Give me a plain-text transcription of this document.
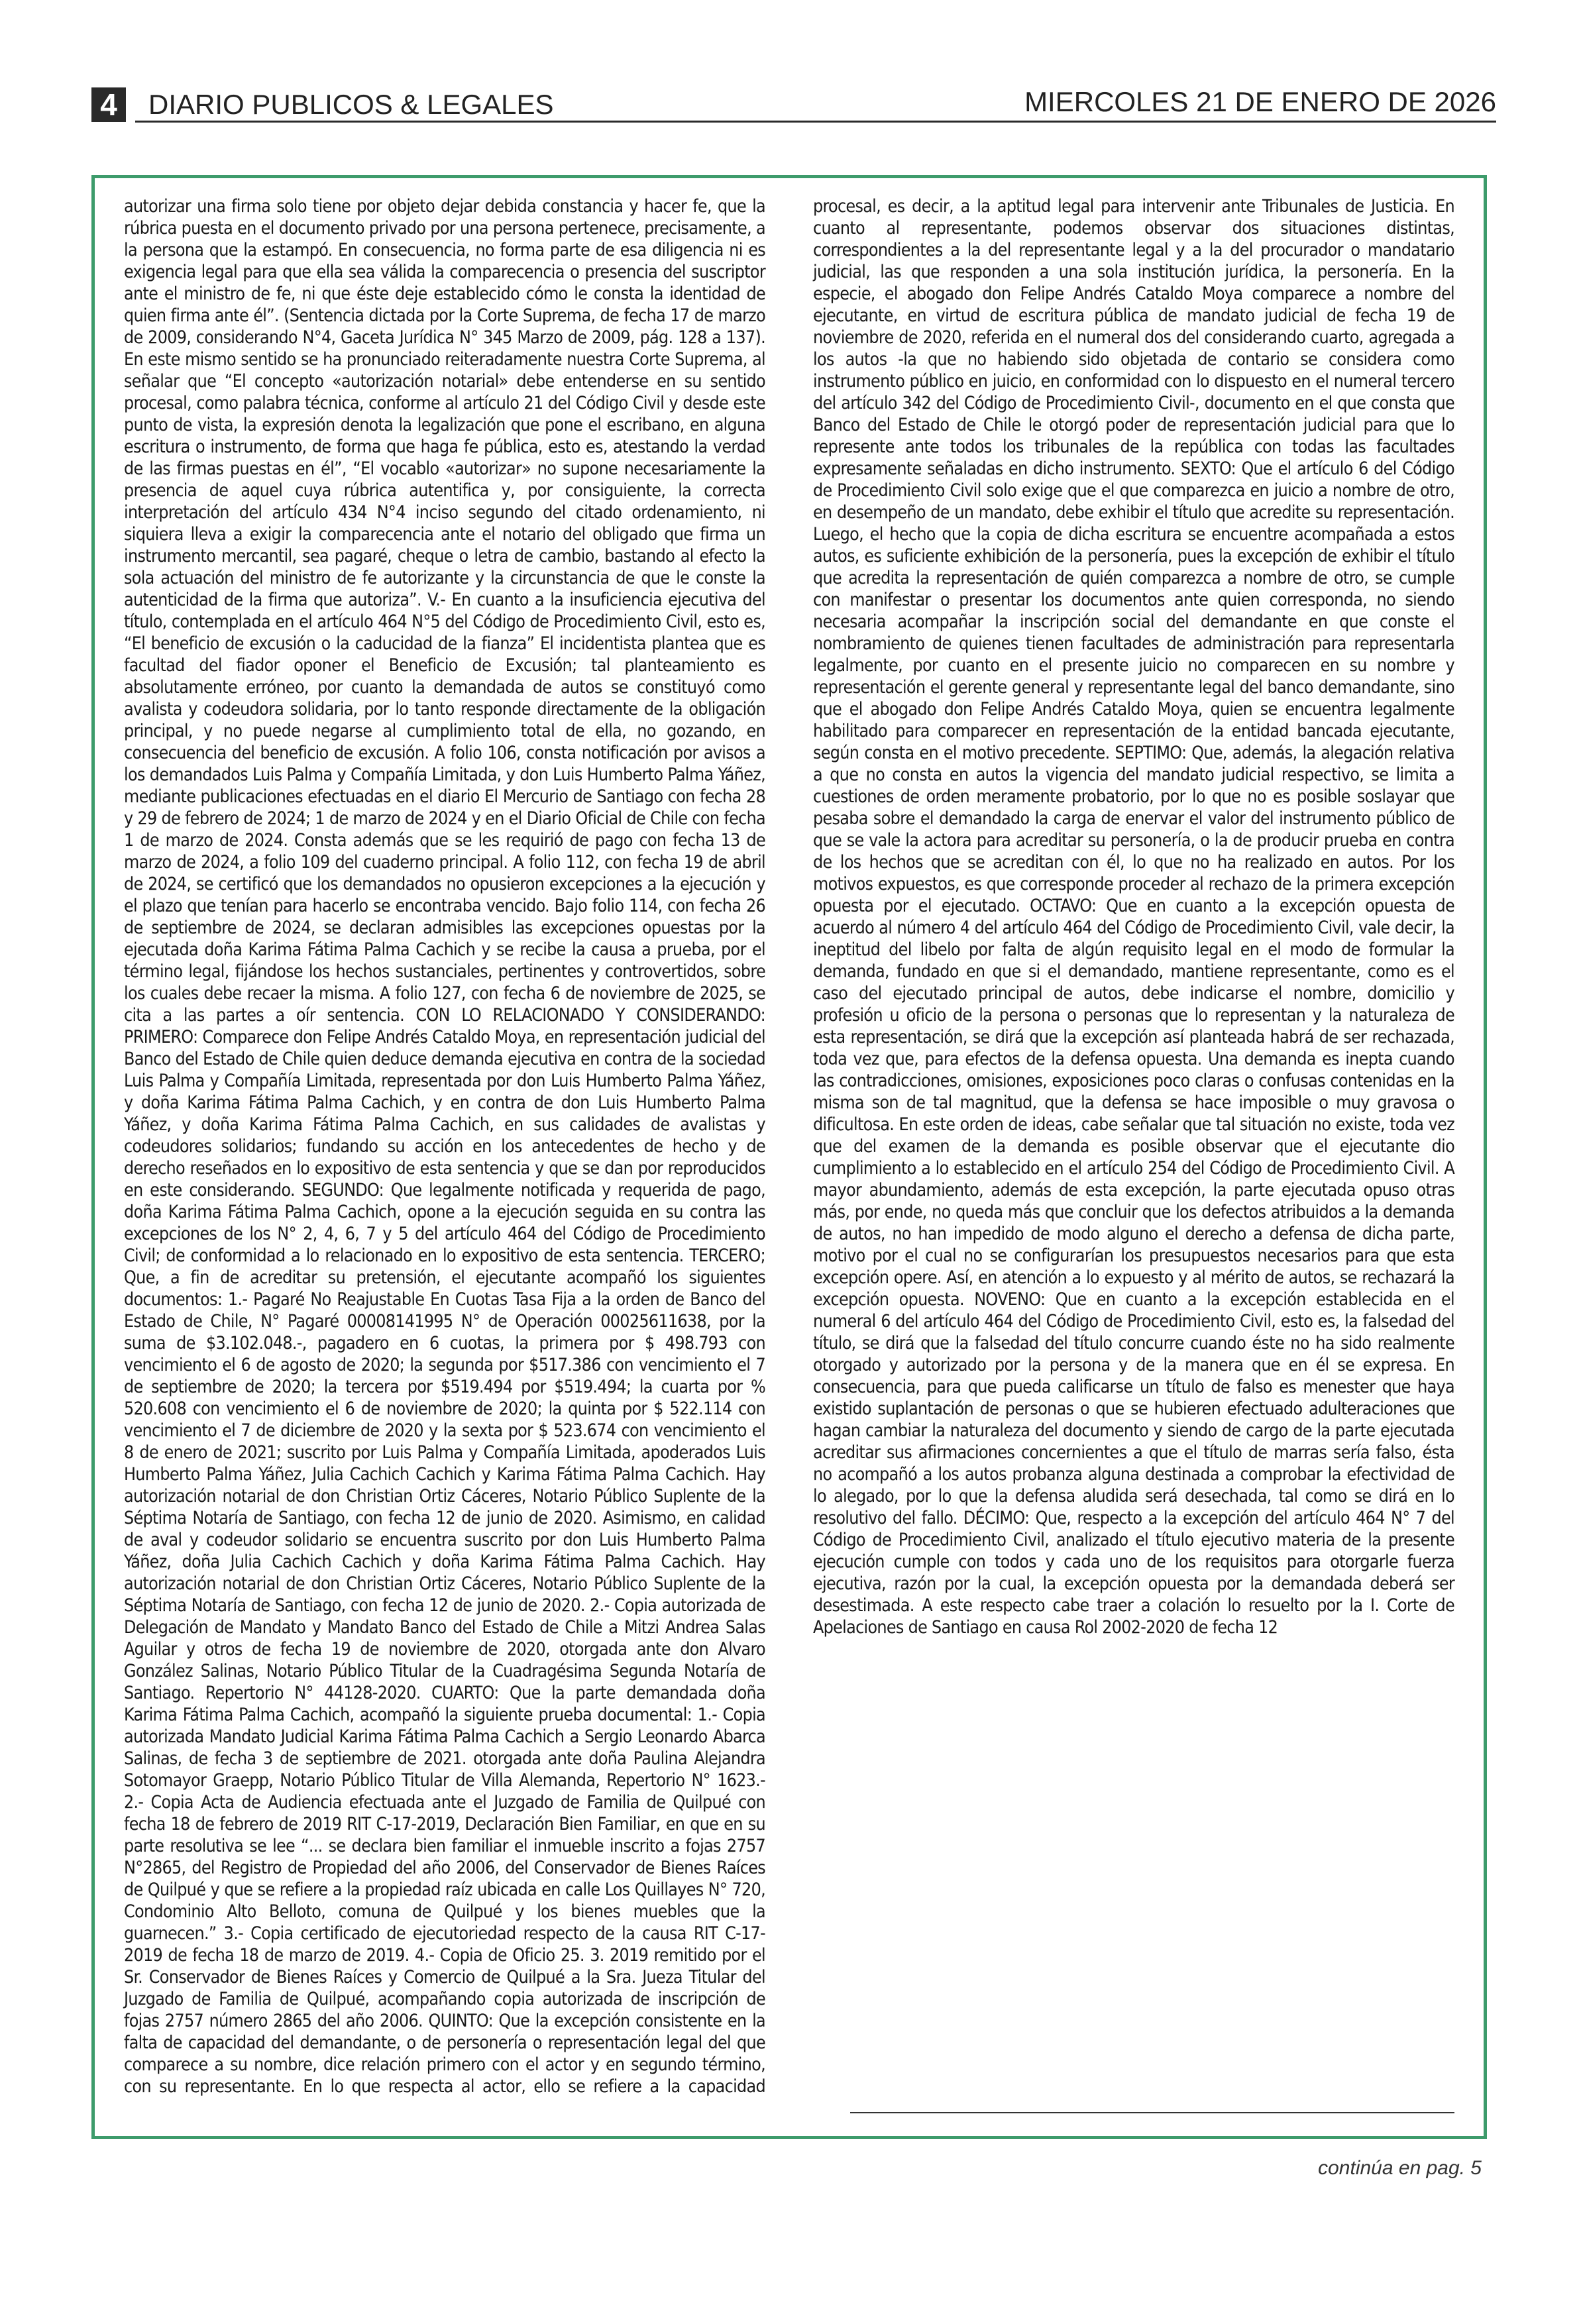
4	DIARIO PUBLICOS & LEGALES	MIERCOLES 21 DE ENERO DE 2026

autorizar una firma solo tiene por objeto dejar debida constancia y hacer fe, que la rúbrica puesta en el documento privado por una persona pertenece, precisamente, a la persona que la estampó. En consecuencia, no forma parte de esa diligencia ni es exigencia legal para que ella sea válida la comparecencia o presencia del suscriptor ante el ministro de fe, ni que éste deje establecido cómo le consta la identidad de quien firma ante él”. (Sentencia dictada por la Corte Suprema, de fecha 17 de marzo de 2009, considerando N°4, Gaceta Jurídica N° 345 Marzo de 2009, pág. 128 a 137). En este mismo sentido se ha pronunciado reiteradamente nuestra Corte Suprema, al señalar que “El concepto «autorización notarial» debe entenderse en su sentido procesal, como palabra técnica, conforme al artículo 21 del Código Civil y desde este punto de vista, la expresión denota la legalización que pone el escribano, en alguna escritura o instrumento, de forma que haga fe pública, esto es, atestando la verdad de las firmas puestas en él”, “El vocablo «autorizar» no supone necesariamente la presencia de aquel cuya rúbrica autentifica y, por consiguiente, la correcta interpretación del artículo 434 N°4 inciso segundo del citado ordenamiento, ni siquiera lleva a exigir la comparecencia ante el notario del obligado que firma un instrumento mercantil, sea pagaré, cheque o letra de cambio, bastando al efecto la sola actuación del ministro de fe autorizante y la circunstancia de que le conste la autenticidad de la firma que autoriza”. V.- En cuanto a la insuficiencia ejecutiva del título, contemplada en el artículo 464 N°5 del Código de Procedimiento Civil, esto es, “El beneficio de excusión o la caducidad de la fianza” El incidentista plantea que es facultad del fiador oponer el Beneficio de Excusión; tal planteamiento es absolutamente erróneo, por cuanto la demandada de autos se constituyó como avalista y codeudora solidaria, por lo tanto responde directamente de la obligación principal, y no puede negarse al cumplimiento total de ella, no gozando, en consecuencia del beneficio de excusión. A folio 106, consta notificación por avisos a los demandados Luis Palma y Compañía Limitada, y don Luis Humberto Palma Yáñez, mediante publicaciones efectuadas en el diario El Mercurio de Santiago con fecha 28 y 29 de febrero de 2024; 1 de marzo de 2024 y en el Diario Oficial de Chile con fecha 1 de marzo de 2024. Consta además que se les requirió de pago con fecha 13 de marzo de 2024, a folio 109 del cuaderno principal. A folio 112, con fecha 19 de abril de 2024, se certificó que los demandados no opusieron excepciones a la ejecución y el plazo que tenían para hacerlo se encontraba vencido. Bajo folio 114, con fecha 26 de septiembre de 2024, se declaran admisibles las excepciones opuestas por la ejecutada doña Karima Fátima Palma Cachich y se recibe la causa a prueba, por el término legal, fijándose los hechos sustanciales, pertinentes y controvertidos, sobre los cuales debe recaer la misma. A folio 127, con fecha 6 de noviembre de 2025, se cita a las partes a oír sentencia. CON LO RELACIONADO Y CONSIDERANDO: PRIMERO: Comparece don Felipe Andrés Cataldo Moya, en representación judicial del Banco del Estado de Chile quien deduce demanda ejecutiva en contra de la sociedad Luis Palma y Compañía Limitada, representada por don Luis Humberto Palma Yáñez, y doña Karima Fátima Palma Cachich, y en contra de don Luis Humberto Palma Yáñez, y doña Karima Fátima Palma Cachich, en sus calidades de avalistas y codeudores solidarios; fundando su acción en los antecedentes de hecho y de derecho reseñados en lo expositivo de esta sentencia y que se dan por reproducidos en este considerando. SEGUNDO: Que legalmente notificada y requerida de pago, doña Karima Fátima Palma Cachich, opone a la ejecución seguida en su contra las excepciones de los N° 2, 4, 6, 7 y 5 del artículo 464 del Código de Procedimiento Civil; de conformidad a lo relacionado en lo expositivo de esta sentencia. TERCERO; Que, a fin de acreditar su pretensión, el ejecutante acompañó los siguientes documentos: 1.- Pagaré No Reajustable En Cuotas Tasa Fija a la orden de Banco del Estado de Chile, N° Pagaré 00008141995 N° de Operación 00025611638, por la suma de $3.102.048.-, pagadero en 6 cuotas, la primera por $ 498.793 con vencimiento el 6 de agosto de 2020; la segunda por $517.386 con vencimiento el 7 de septiembre de 2020; la tercera por $519.494 por $519.494; la cuarta por % 520.608 con vencimiento el 6 de noviembre de 2020; la quinta por $ 522.114 con vencimiento el 7 de diciembre de 2020 y la sexta por $ 523.674 con vencimiento el 8 de enero de 2021; suscrito por Luis Palma y Compañía Limitada, apoderados Luis Humberto Palma Yáñez, Julia Cachich Cachich y Karima Fátima Palma Cachich. Hay autorización notarial de don Christian Ortiz Cáceres, Notario Público Suplente de la Séptima Notaría de Santiago, con fecha 12 de junio de 2020. Asimismo, en calidad de aval y codeudor solidario se encuentra suscrito por don Luis Humberto Palma Yáñez, doña Julia Cachich Cachich y doña Karima Fátima Palma Cachich. Hay autorización notarial de don Christian Ortiz Cáceres, Notario Público Suplente de la Séptima Notaría de Santiago, con fecha 12 de junio de 2020. 2.- Copia autorizada de Delegación de Mandato y Mandato Banco del Estado de Chile a Mitzi Andrea Salas Aguilar y otros de fecha 19 de noviembre de 2020, otorgada ante don Alvaro González Salinas, Notario Público Titular de la Cuadragésima Segunda Notaría de Santiago. Repertorio N° 44128-2020. CUARTO: Que la parte demandada doña Karima Fátima Palma Cachich, acompañó la siguiente prueba documental: 1.- Copia autorizada Mandato Judicial Karima Fátima Palma Cachich a Sergio Leonardo Abarca Salinas, de fecha 3 de septiembre de 2021. otorgada ante doña Paulina Alejandra Sotomayor Graepp, Notario Público Titular de Villa Alemanda, Repertorio N° 1623.- 2.- Copia Acta de Audiencia efectuada ante el Juzgado de Familia de Quilpué con fecha 18 de febrero de 2019 RIT C-17-2019, Declaración Bien Familiar, en que en su parte resolutiva se lee “... se declara bien familiar el inmueble inscrito a fojas 2757 N°2865, del Registro de Propiedad del año 2006, del Conservador de Bienes Raíces de Quilpué y que se refiere a la propiedad raíz ubicada en calle Los Quillayes N° 720, Condominio Alto Belloto, comuna de Quilpué y los bienes muebles que la guarnecen.” 3.- Copia certificado de ejecutoriedad respecto de la causa RIT C-17- 2019 de fecha 18 de marzo de 2019. 4.- Copia de Oficio 25. 3. 2019 remitido por el Sr. Conservador de Bienes Raíces y Comercio de Quilpué a la Sra. Jueza Titular del Juzgado de Familia de Quilpué, acompañando copia autorizada de inscripción de fojas 2757 número 2865 del año 2006. QUINTO: Que la excepción consistente en la falta de capacidad del demandante, o de personería o representación legal del que comparece a su nombre, dice relación primero con el actor y en segundo término, con su representante. En lo que respecta al actor, ello se refiere a la capacidad procesal, es decir, a la aptitud legal para intervenir ante Tribunales de Justicia. En cuanto al representante, podemos observar dos situaciones distintas, correspondientes a la del representante legal y a la del procurador o mandatario judicial, las que responden a una sola institución jurídica, la personería. En la especie, el abogado don Felipe Andrés Cataldo Moya comparece a nombre del ejecutante, en virtud de escritura pública de mandato judicial de fecha 19 de noviembre de 2020, referida en el numeral dos del considerando cuarto, agregada a los autos -la que no habiendo sido objetada de contario se considera como instrumento público en juicio, en conformidad con lo dispuesto en el numeral tercero del artículo 342 del Código de Procedimiento Civil-, documento en el que consta que Banco del Estado de Chile le otorgó poder de representación judicial para que lo represente ante todos los tribunales de la república con todas las facultades expresamente señaladas en dicho instrumento. SEXTO: Que el artículo 6 del Código de Procedimiento Civil solo exige que el que comparezca en juicio a nombre de otro, en desempeño de un mandato, debe exhibir el título que acredite su representación. Luego, el hecho que la copia de dicha escritura se encuentre acompañada a estos autos, es suficiente exhibición de la personería, pues la excepción de exhibir el título que acredita la representación de quién comparezca a nombre de otro, se cumple con manifestar o presentar los documentos ante quien corresponda, no siendo necesaria acompañar la inscripción social del demandante en que conste el nombramiento de quienes tienen facultades de administración para representarla legalmente, por cuanto en el presente juicio no comparecen en su nombre y representación el gerente general y representante legal del banco demandante, sino que el abogado don Felipe Andrés Cataldo Moya, quien se encuentra legalmente habilitado para comparecer en representación de la entidad bancada ejecutante, según consta en el motivo precedente. SEPTIMO: Que, además, la alegación relativa a que no consta en autos la vigencia del mandato judicial respectivo, se limita a cuestiones de orden meramente probatorio, por lo que no es posible soslayar que pesaba sobre el demandado la carga de enervar el valor del instrumento público de que se vale la actora para acreditar su personería, o la de producir prueba en contra de los hechos que se acreditan con él, lo que no ha realizado en autos. Por los motivos expuestos, es que corresponde proceder al rechazo de la primera excepción opuesta por el ejecutado. OCTAVO: Que en cuanto a la excepción opuesta de acuerdo al número 4 del artículo 464 del Código de Procedimiento Civil, vale decir, la ineptitud del libelo por falta de algún requisito legal en el modo de formular la demanda, fundado en que si el demandado, mantiene representante, como es el caso del ejecutado principal de autos, debe indicarse el nombre, domicilio y profesión u oficio de la persona o personas que lo representan y la naturaleza de esta representación, se dirá que la excepción así planteada habrá de ser rechazada, toda vez que, para efectos de la defensa opuesta. Una demanda es inepta cuando las contradicciones, omisiones, exposiciones poco claras o confusas contenidas en la misma son de tal magnitud, que la defensa se hace imposible o muy gravosa o dificultosa. En este orden de ideas, cabe señalar que tal situación no existe, toda vez que del examen de la demanda es posible observar que el ejecutante dio cumplimiento a lo establecido en el artículo 254 del Código de Procedimiento Civil. A mayor abundamiento, además de esta excepción, la parte ejecutada opuso otras más, por ende, no queda más que concluir que los defectos atribuidos a la demanda de autos, no han impedido de modo alguno el derecho a defensa de dicha parte, motivo por el cual no se configurarían los presupuestos necesarios para que esta excepción opere. Así, en atención a lo expuesto y al mérito de autos, se rechazará la excepción opuesta. NOVENO: Que en cuanto a la excepción establecida en el numeral 6 del artículo 464 del Código de Procedimiento Civil, esto es, la falsedad del título, se dirá que la falsedad del título concurre cuando éste no ha sido realmente otorgado y autorizado por la persona y de la manera que en él se expresa. En consecuencia, para que pueda calificarse un título de falso es menester que haya existido suplantación de personas o que se hubieren efectuado adulteraciones que hagan cambiar la naturaleza del documento y siendo de cargo de la parte ejecutada acreditar sus afirmaciones concernientes a que el título de marras sería falso, ésta no acompañó a los autos probanza alguna destinada a comprobar la efectividad de lo alegado, por lo que la defensa aludida será desechada, tal como se dirá en lo resolutivo del fallo. DÉCIMO: Que, respecto a la excepción del artículo 464 N° 7 del Código de Procedimiento Civil, analizado el título ejecutivo materia de la presente ejecución cumple con todos y cada uno de los requisitos para otorgarle fuerza ejecutiva, razón por la cual, la excepción opuesta por la demandada deberá ser desestimada. A este respecto cabe traer a colación lo resuelto por la I. Corte de Apelaciones de Santiago en causa Rol 2002-2020 de fecha 12

continúa en pag. 5
